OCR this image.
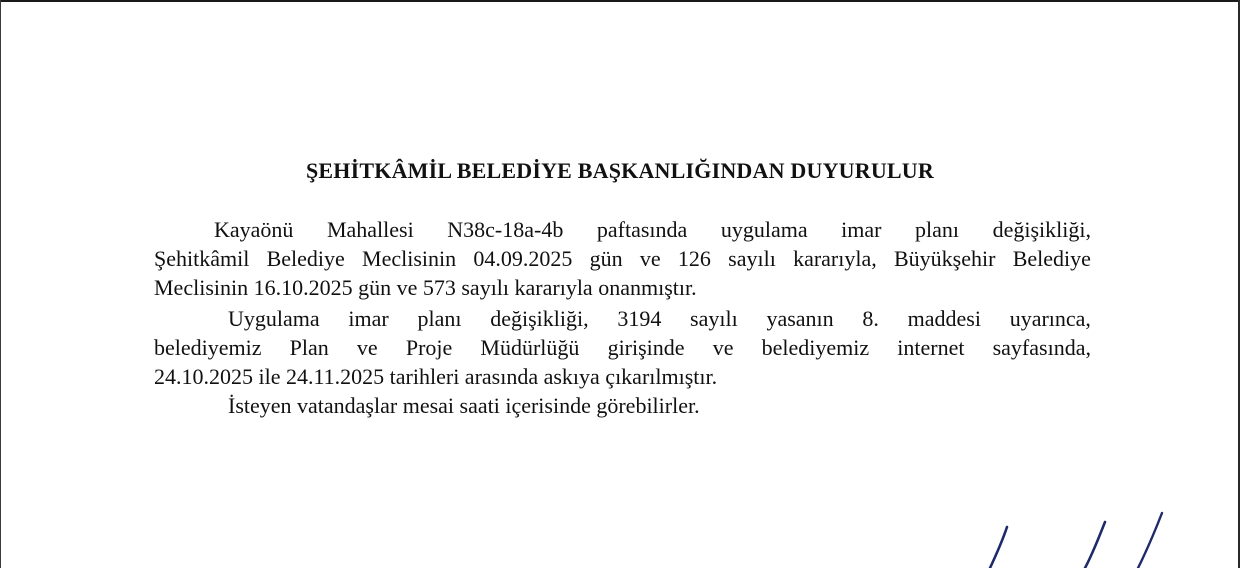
ŞEHİTKÂMİL BELEDİYE BAŞKANLIĞINDAN DUYURULUR
Kayaönü Mahallesi N38c-18a-4b paftasında uygulama imar planı değişikliği,
Şehitkâmil Belediye Meclisinin 04.09.2025 gün ve 126 sayılı kararıyla, Büyükşehir Belediye
Meclisinin 16.10.2025 gün ve 573 sayılı kararıyla onanmıştır.
Uygulama imar planı değişikliği, 3194 sayılı yasanın 8. maddesi uyarınca,
belediyemiz Plan ve Proje Müdürlüğü girişinde ve belediyemiz internet sayfasında,
24.10.2025 ile 24.11.2025 tarihleri arasında askıya çıkarılmıştır.
İsteyen vatandaşlar mesai saati içerisinde görebilirler.
